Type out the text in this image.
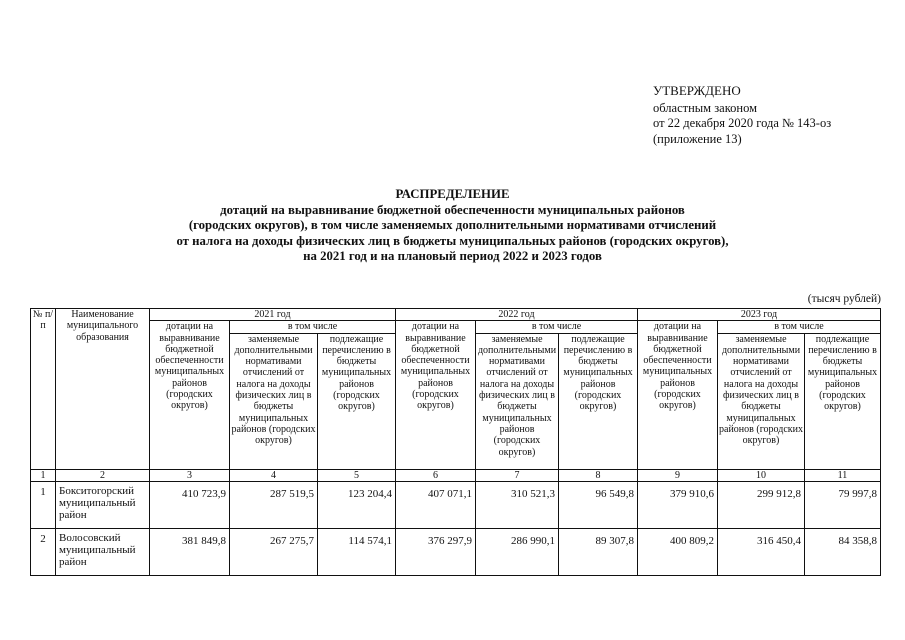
УТВЕРЖДЕНО
областным законом
от 22 декабря 2020 года № 143-оз
(приложение 13)
РАСПРЕДЕЛЕНИЕ
дотаций на выравнивание бюджетной обеспеченности муниципальных районов
(городских округов), в том числе заменяемых дополнительными нормативами отчислений
от налога на доходы физических лиц в бюджеты муниципальных районов (городских округов),
на 2021 год и на плановый период 2022 и 2023 годов
(тысяч рублей)
№ п/п	Наименование муниципального образования	2021 год			2022 год			2023 год		
		дотации на выравнивание бюджетной обеспеченности муниципальных районов (городских округов)	в том числе		дотации на выравнивание бюджетной обеспеченности муниципальных районов (городских округов)	в том числе		дотации на выравнивание бюджетной обеспеченности муниципальных районов (городских округов)	в том числе	
			заменяемые дополнительными нормативами отчислений от налога на доходы физических лиц в бюджеты муниципальных районов (городских округов)	подлежащие перечислению в бюджеты муниципальных районов (городских округов)		заменяемые дополнительными нормативами отчислений от налога на доходы физических лиц в бюджеты муниципальных районов (городских округов)	подлежащие перечислению в бюджеты муниципальных районов (городских округов)		заменяемые дополнительными нормативами отчислений от налога на доходы физических лиц в бюджеты муниципальных районов (городских округов)	подлежащие перечислению в бюджеты муниципальных районов (городских округов)
1	2	3	4	5	6	7	8	9	10	11
1	Бокситогорский муниципальный район	410 723,9	287 519,5	123 204,4	407 071,1	310 521,3	96 549,8	379 910,6	299 912,8	79 997,8
2	Волосовский муниципальный район	381 849,8	267 275,7	114 574,1	376 297,9	286 990,1	89 307,8	400 809,2	316 450,4	84 358,8
